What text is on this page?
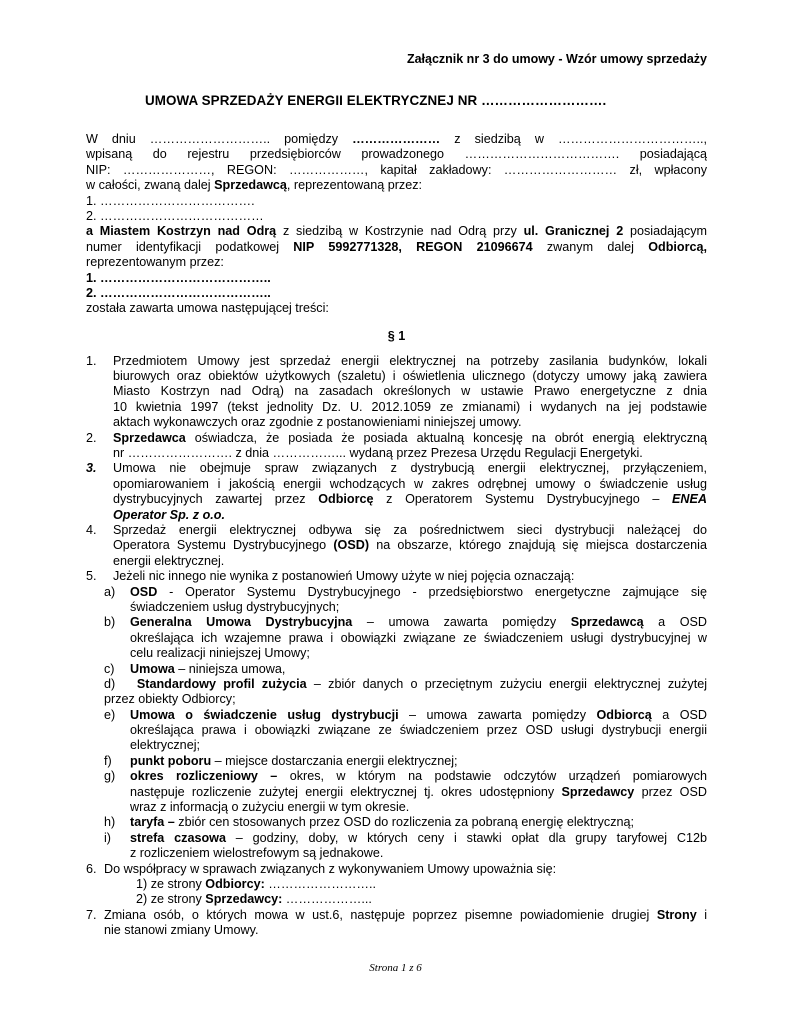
Załącznik nr 3 do umowy - Wzór umowy sprzedaży
UMOWA SPRZEDAŻY ENERGII ELEKTRYCZNEJ NR ……………………….
W dniu ……………………….. pomiędzy ………………… z siedzibą w ……………………………..,
wpisaną do rejestru przedsiębiorców prowadzonego ………………………………. posiadającą
NIP: …………………, REGON: ………………, kapitał zakładowy: ……………………… zł, wpłacony
w całości, zwaną dalej Sprzedawcą, reprezentowaną przez:
1. ……………………………….
2. …………………………………
a Miastem Kostrzyn nad Odrą z siedzibą w Kostrzynie nad Odrą przy ul. Granicznej 2 posiadającym
numer identyfikacji podatkowej NIP 5992771328, REGON 21096674 zwanym dalej Odbiorcą,
reprezentowanym przez:
1. …………………………………..
2. …………………………………..
została zawarta umowa następującej treści:
§ 1
1. Przedmiotem Umowy jest sprzedaż energii elektrycznej na potrzeby zasilania budynków, lokali
biurowych oraz obiektów użytkowych (szaletu) i oświetlenia ulicznego (dotyczy umowy jaką zawiera
Miasto Kostrzyn nad Odrą) na zasadach określonych w ustawie Prawo energetyczne z dnia
10 kwietnia 1997 (tekst jednolity Dz. U. 2012.1059 ze zmianami) i wydanych na jej podstawie
aktach wykonawczych oraz zgodnie z postanowieniami niniejszej umowy.
2. Sprzedawca oświadcza, że posiada że posiada aktualną koncesję na obrót energią elektryczną
nr ……………………. z dnia ……………... wydaną przez Prezesa Urzędu Regulacji Energetyki.
3. Umowa nie obejmuje spraw związanych z dystrybucją energii elektrycznej, przyłączeniem,
opomiarowaniem i jakością energii wchodzących w zakres odrębnej umowy o świadczenie usług
dystrybucyjnych zawartej przez Odbiorcę z Operatorem Systemu Dystrybucyjnego – ENEA
Operator Sp. z o.o.
4. Sprzedaż energii elektrycznej odbywa się za pośrednictwem sieci dystrybucji należącej do
Operatora Systemu Dystrybucyjnego (OSD) na obszarze, którego znajdują się miejsca dostarczenia
energii elektrycznej.
5. Jeżeli nic innego nie wynika z postanowień Umowy użyte w niej pojęcia oznaczają:
a) OSD - Operator Systemu Dystrybucyjnego - przedsiębiorstwo energetyczne zajmujące się
świadczeniem usług dystrybucyjnych;
b) Generalna Umowa Dystrybucyjna – umowa zawarta pomiędzy Sprzedawcą a OSD
określająca ich wzajemne prawa i obowiązki związane ze świadczeniem usługi dystrybucyjnej w
celu realizacji niniejszej Umowy;
c) Umowa – niniejsza umowa,
d) Standardowy profil zużycia – zbiór danych o przeciętnym zużyciu energii elektrycznej zużytej
przez obiekty Odbiorcy;
e) Umowa o świadczenie usług dystrybucji – umowa zawarta pomiędzy Odbiorcą a OSD
określająca prawa i obowiązki związane ze świadczeniem przez OSD usługi dystrybucji energii
elektrycznej;
f) punkt poboru – miejsce dostarczania energii elektrycznej;
g) okres rozliczeniowy – okres, w którym na podstawie odczytów urządzeń pomiarowych
następuje rozliczenie zużytej energii elektrycznej tj. okres udostępniony Sprzedawcy przez OSD
wraz z informacją o zużyciu energii w tym okresie.
h) taryfa – zbiór cen stosowanych przez OSD do rozliczenia za pobraną energię elektryczną;
i) strefa czasowa – godziny, doby, w których ceny i stawki opłat dla grupy taryfowej C12b
z rozliczeniem wielostrefowym są jednakowe.
6. Do współpracy w sprawach związanych z wykonywaniem Umowy upoważnia się:
1) ze strony Odbiorcy: ……………………..
2) ze strony Sprzedawcy: ………………...
7. Zmiana osób, o których mowa w ust.6, następuje poprzez pisemne powiadomienie drugiej Strony i
nie stanowi zmiany Umowy.
Strona 1 z 6
